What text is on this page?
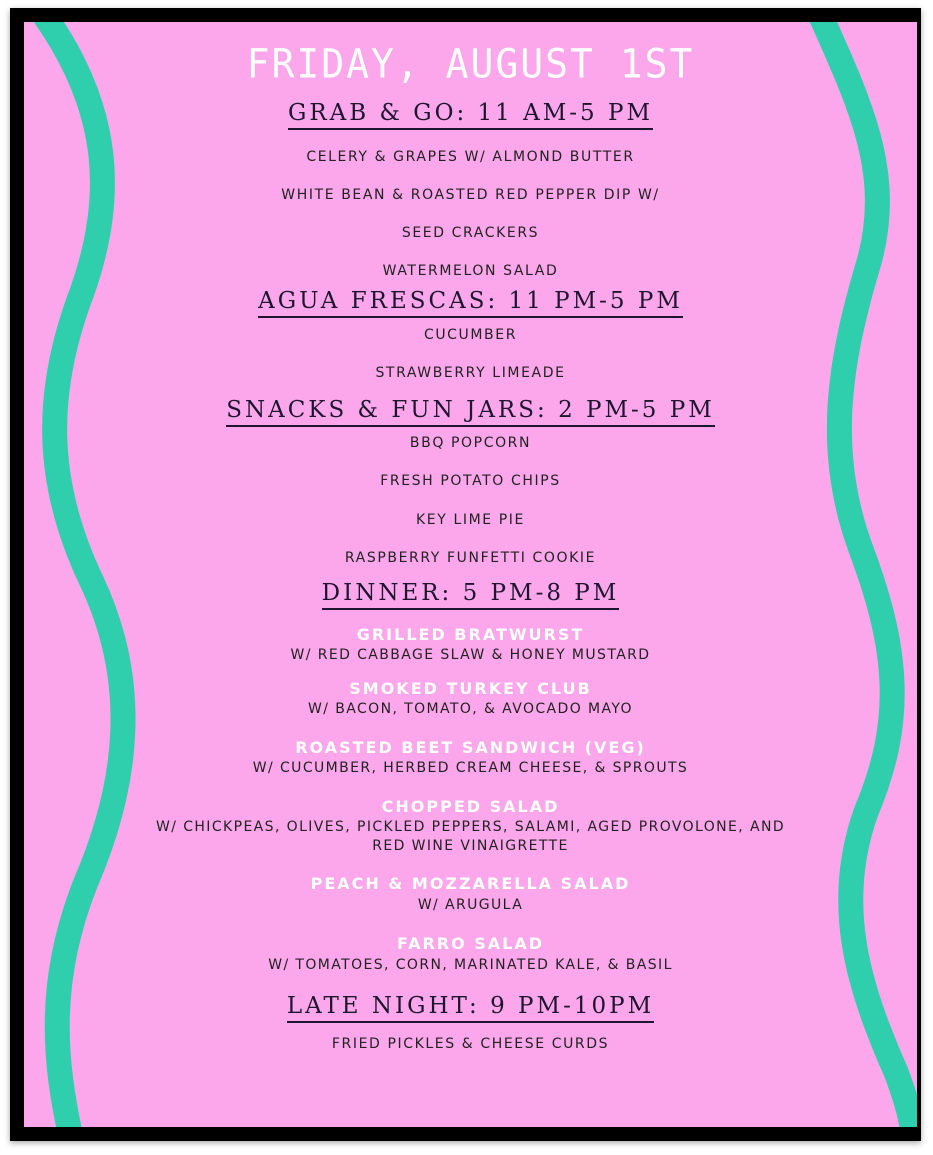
FRIDAY, AUGUST 1ST
GRAB & GO: 11 AM-5 PM
CELERY & GRAPES W/ ALMOND BUTTER
WHITE BEAN & ROASTED RED PEPPER DIP W/
SEED CRACKERS
WATERMELON SALAD
AGUA FRESCAS: 11 PM-5 PM
CUCUMBER
STRAWBERRY LIMEADE
SNACKS & FUN JARS: 2 PM-5 PM
BBQ POPCORN
FRESH POTATO CHIPS
KEY LIME PIE
RASPBERRY FUNFETTI COOKIE
DINNER: 5 PM-8 PM
GRILLED BRATWURST
W/ RED CABBAGE SLAW & HONEY MUSTARD
SMOKED TURKEY CLUB
W/ BACON, TOMATO, & AVOCADO MAYO
ROASTED BEET SANDWICH (VEG)
W/ CUCUMBER, HERBED CREAM CHEESE, & SPROUTS
CHOPPED SALAD
W/ CHICKPEAS, OLIVES, PICKLED PEPPERS, SALAMI, AGED PROVOLONE, AND
RED WINE VINAIGRETTE
PEACH & MOZZARELLA SALAD
W/ ARUGULA
FARRO SALAD
W/ TOMATOES, CORN, MARINATED KALE, & BASIL
LATE NIGHT: 9 PM-10PM
FRIED PICKLES & CHEESE CURDS
